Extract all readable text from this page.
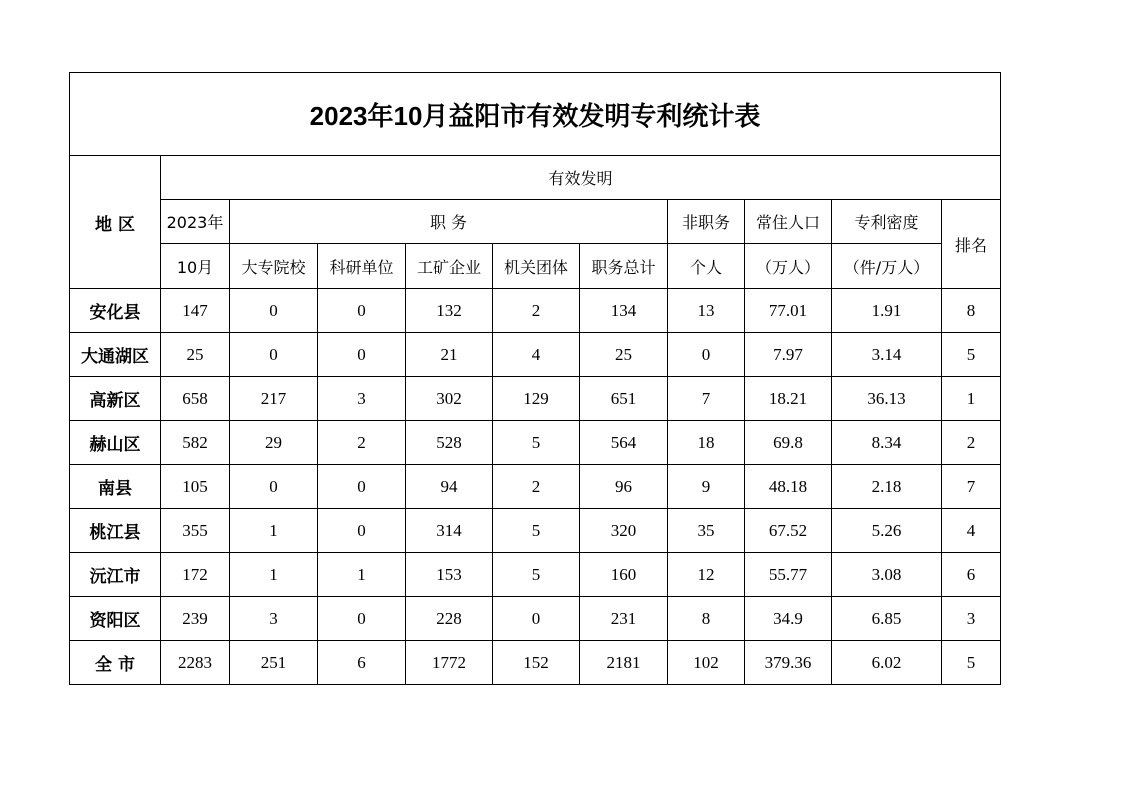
2023年10月益阳市有效发明专利统计表										
地 区	有效发明									
	2023年	职 务					非职务	常住人口	专利密度	排名
	10月	大专院校	科研单位	工矿企业	机关团体	职务总计	个人	（万人）	（件/万人）	
安化县	147	0	0	132	2	134	13	77.01	1.91	8
大通湖区	25	0	0	21	4	25	0	7.97	3.14	5
高新区	658	217	3	302	129	651	7	18.21	36.13	1
赫山区	582	29	2	528	5	564	18	69.8	8.34	2
南县	105	0	0	94	2	96	9	48.18	2.18	7
桃江县	355	1	0	314	5	320	35	67.52	5.26	4
沅江市	172	1	1	153	5	160	12	55.77	3.08	6
资阳区	239	3	0	228	0	231	8	34.9	6.85	3
全 市	2283	251	6	1772	152	2181	102	379.36	6.02	5
